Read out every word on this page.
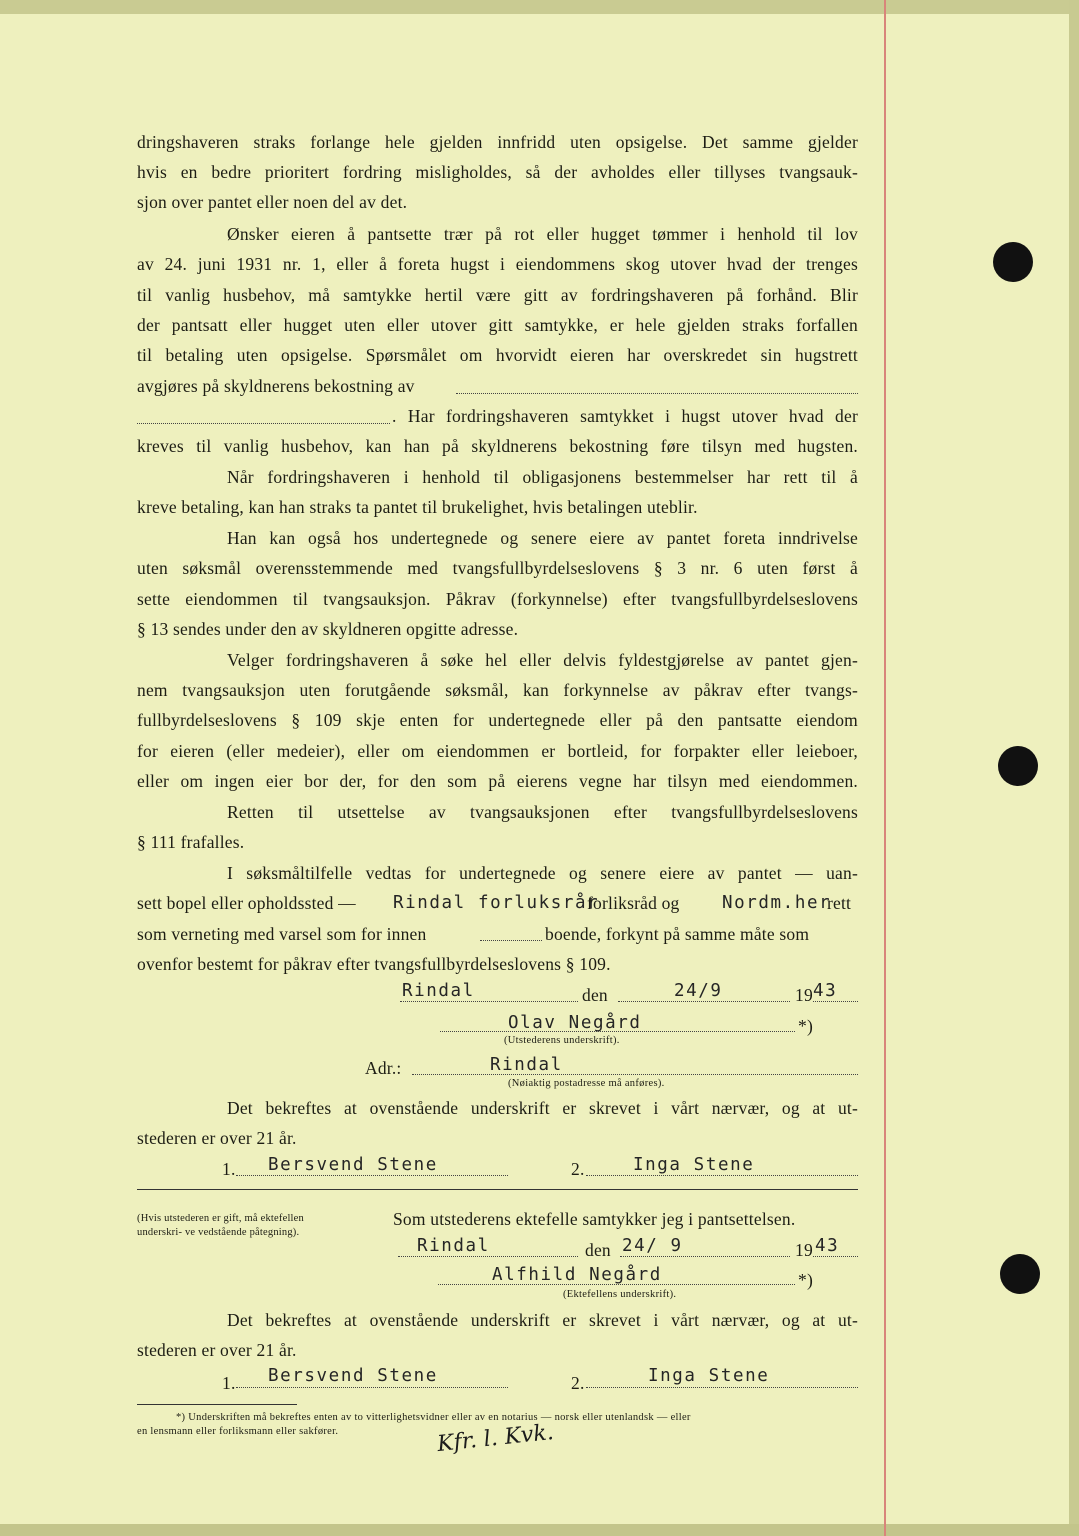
dringshaveren straks forlange hele gjelden innfridd uten opsigelse. Det samme gjelder
hvis en bedre prioritert fordring misligholdes, så der avholdes eller tillyses tvangsauk-
sjon over pantet eller noen del av det.
Ønsker eieren å pantsette trær på rot eller hugget tømmer i henhold til lov
av 24. juni 1931 nr. 1, eller å foreta hugst i eiendommens skog utover hvad der trenges
til vanlig husbehov, må samtykke hertil være gitt av fordringshaveren på forhånd. Blir
der pantsatt eller hugget uten eller utover gitt samtykke, er hele gjelden straks forfallen
til betaling uten opsigelse. Spørsmålet om hvorvidt eieren har overskredet sin hugstrett
avgjøres på skyldnerens bekostning av
. Har fordringshaveren samtykket i hugst utover hvad der
kreves til vanlig husbehov, kan han på skyldnerens bekostning føre tilsyn med hugsten.
Når fordringshaveren i henhold til obligasjonens bestemmelser har rett til å
kreve betaling, kan han straks ta pantet til brukelighet, hvis betalingen uteblir.
Han kan også hos undertegnede og senere eiere av pantet foreta inndrivelse
uten søksmål overensstemmende med tvangsfullbyrdelseslovens § 3 nr. 6 uten først å
sette eiendommen til tvangsauksjon. Påkrav (forkynnelse) efter tvangsfullbyrdelseslovens
§ 13 sendes under den av skyldneren opgitte adresse.
Velger fordringshaveren å søke hel eller delvis fyldestgjørelse av pantet gjen-
nem tvangsauksjon uten forutgående søksmål, kan forkynnelse av påkrav efter tvangs-
fullbyrdelseslovens § 109 skje enten for undertegnede eller på den pantsatte eiendom
for eieren (eller medeier), eller om eiendommen er bortleid, for forpakter eller leieboer,
eller om ingen eier bor der, for den som på eierens vegne har tilsyn med eiendommen.
Retten til utsettelse av tvangsauksjonen efter tvangsfullbyrdelseslovens
§ 111 frafalles.
I søksmåltilfelle vedtas for undertegnede og senere eiere av pantet — uan-
sett bopel eller opholdssted — Rindal forluksrår
forliksråd og Nordm.her
rett
som verneting med varsel som for innen	boende, forkynt på samme måte som
ovenfor bestemt for påkrav efter tvangsfullbyrdelseslovens § 109.
Rindal	den	24/9	19 43
Olav Negård	*)
(Utstederens underskrift).
Adr.:	Rindal
(Nøiaktig postadresse må anføres).
Det bekreftes at ovenstående underskrift er skrevet i vårt nærvær, og at ut-
stederen er over 21 år.
1. Bersvend Stene	2.	Inga Stene
(Hvis utstederen er gift, må ektefellen underskri- ve vedstående påtegning).
Som utstederens ektefelle samtykker jeg i pantsettelsen.
Rindal	den 24/ 9	19 43
Alfhild Negård	*)
(Ektefellens underskrift).
Det bekreftes at ovenstående underskrift er skrevet i vårt nærvær, og at ut-
stederen er over 21 år.
1. Bersvend Stene	2.	Inga Stene
*) Underskriften må bekreftes enten av to vitterlighetsvidner eller av en notarius — norsk eller utenlandsk — eller
en lensmann eller forliksmann eller sakfører.	Kfr. l. Kvk.
